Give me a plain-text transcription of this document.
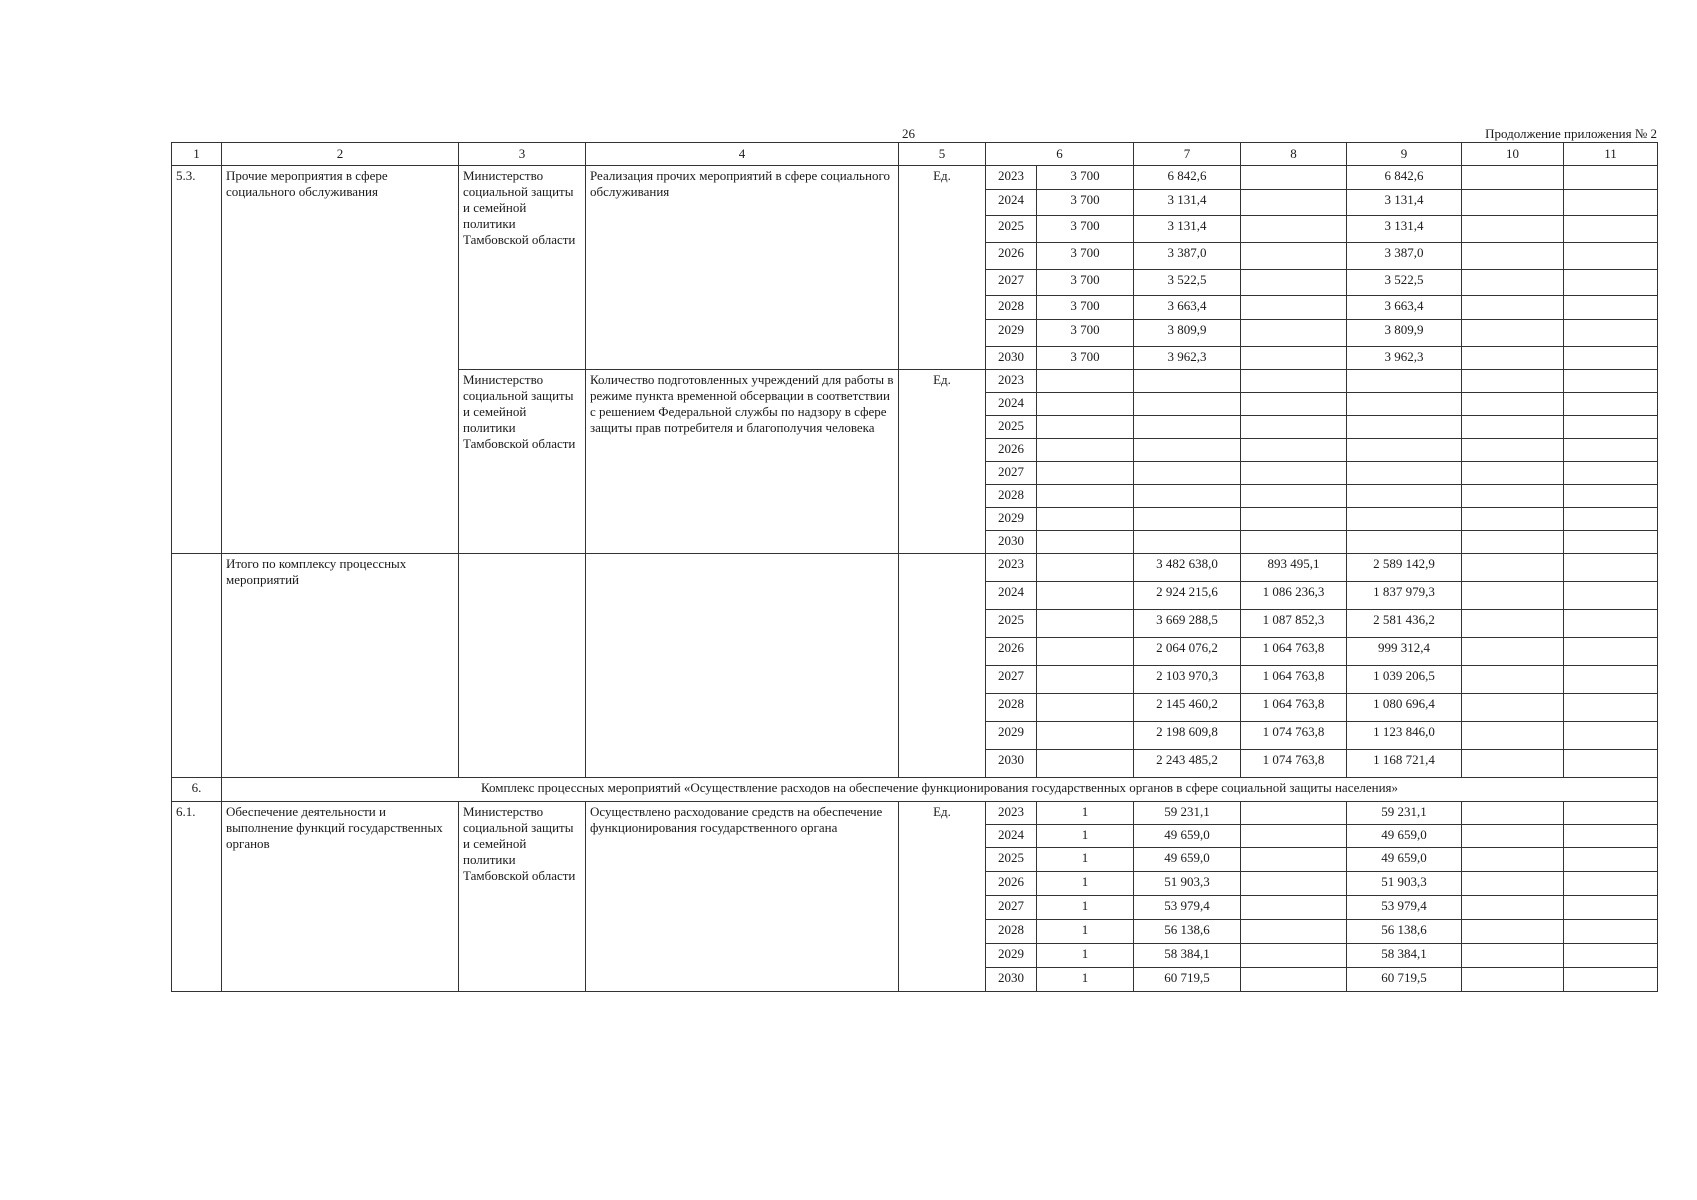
26	Продолжение приложения № 2
1	2	3	4	5	6		7	8	9	10	11
5.3.	Прочие мероприятия в сфере социального обслуживания	Министерство социальной защиты и семейной политики Тамбовской области	Реализация прочих мероприятий в сфере социального обслуживания	Ед.	2023	3 700	6 842,6		6 842,6		
					2024	3 700	3 131,4		3 131,4		
					2025	3 700	3 131,4		3 131,4		
					2026	3 700	3 387,0		3 387,0		
					2027	3 700	3 522,5		3 522,5		
					2028	3 700	3 663,4		3 663,4		
					2029	3 700	3 809,9		3 809,9		
					2030	3 700	3 962,3		3 962,3		
		Министерство социальной защиты и семейной политики Тамбовской области	Количество подготовленных учреждений для работы в режиме пункта временной обсервации в соответствии с решением Федеральной службы по надзору в сфере защиты прав потребителя и благополучия человека	Ед.	2023						
					2024						
					2025						
					2026						
					2027						
					2028						
					2029						
					2030						
	Итого по комплексу процессных мероприятий				2023		3 482 638,0	893 495,1	2 589 142,9		
					2024		2 924 215,6	1 086 236,3	1 837 979,3		
					2025		3 669 288,5	1 087 852,3	2 581 436,2		
					2026		2 064 076,2	1 064 763,8	999 312,4		
					2027		2 103 970,3	1 064 763,8	1 039 206,5		
					2028		2 145 460,2	1 064 763,8	1 080 696,4		
					2029		2 198 609,8	1 074 763,8	1 123 846,0		
					2030		2 243 485,2	1 074 763,8	1 168 721,4		
6.	Комплекс процессных мероприятий «Осуществление расходов на обеспечение функционирования государственных органов в сфере социальной защиты населения»										
6.1.	Обеспечение деятельности и выполнение функций государственных органов	Министерство социальной защиты и семейной политики Тамбовской области	Осуществлено расходование средств на обеспечение функционирования государственного органа	Ед.	2023	1	59 231,1		59 231,1		
					2024	1	49 659,0		49 659,0		
					2025	1	49 659,0		49 659,0		
					2026	1	51 903,3		51 903,3		
					2027	1	53 979,4		53 979,4		
					2028	1	56 138,6		56 138,6		
					2029	1	58 384,1		58 384,1		
					2030	1	60 719,5		60 719,5		
